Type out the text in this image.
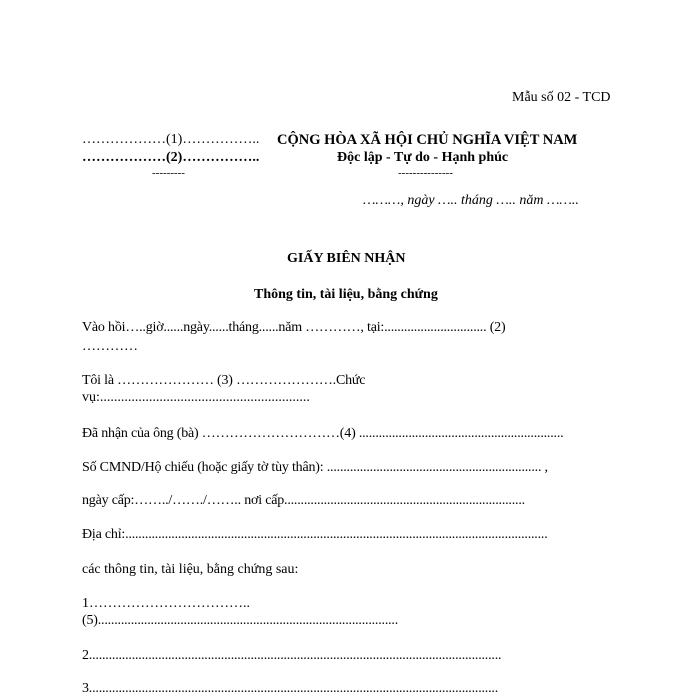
Mẫu số 02 - TCD
………………(1)……………..
………………(2)……………..
---------
CỘNG HÒA XÃ HỘI CHỦ NGHĨA VIỆT NAM
Độc lập - Tự do - Hạnh phúc
---------------
………, ngày ….. tháng ….. năm ……..
GIẤY BIÊN NHẬN
Thông tin, tài liệu, bằng chứng
Vào hồi…..giờ......ngày......tháng......năm …………, tại:............................... (2)
…………
Tôi là ………………… (3) ………………….Chức
vụ:............................................................
Đã nhận của ông (bà) …………………………(4) ..............................................................
Số CMND/Hộ chiếu (hoặc giấy tờ tùy thân): ................................................................. ,
ngày cấp:……../……./…….. nơi cấp.........................................................................
Địa chỉ:................................................................................................................................
các thông tin, tài liệu, bằng chứng sau:
1……………………………..
(5)...........................................................................................
2.............................................................................................................................
3............................................................................................................................
